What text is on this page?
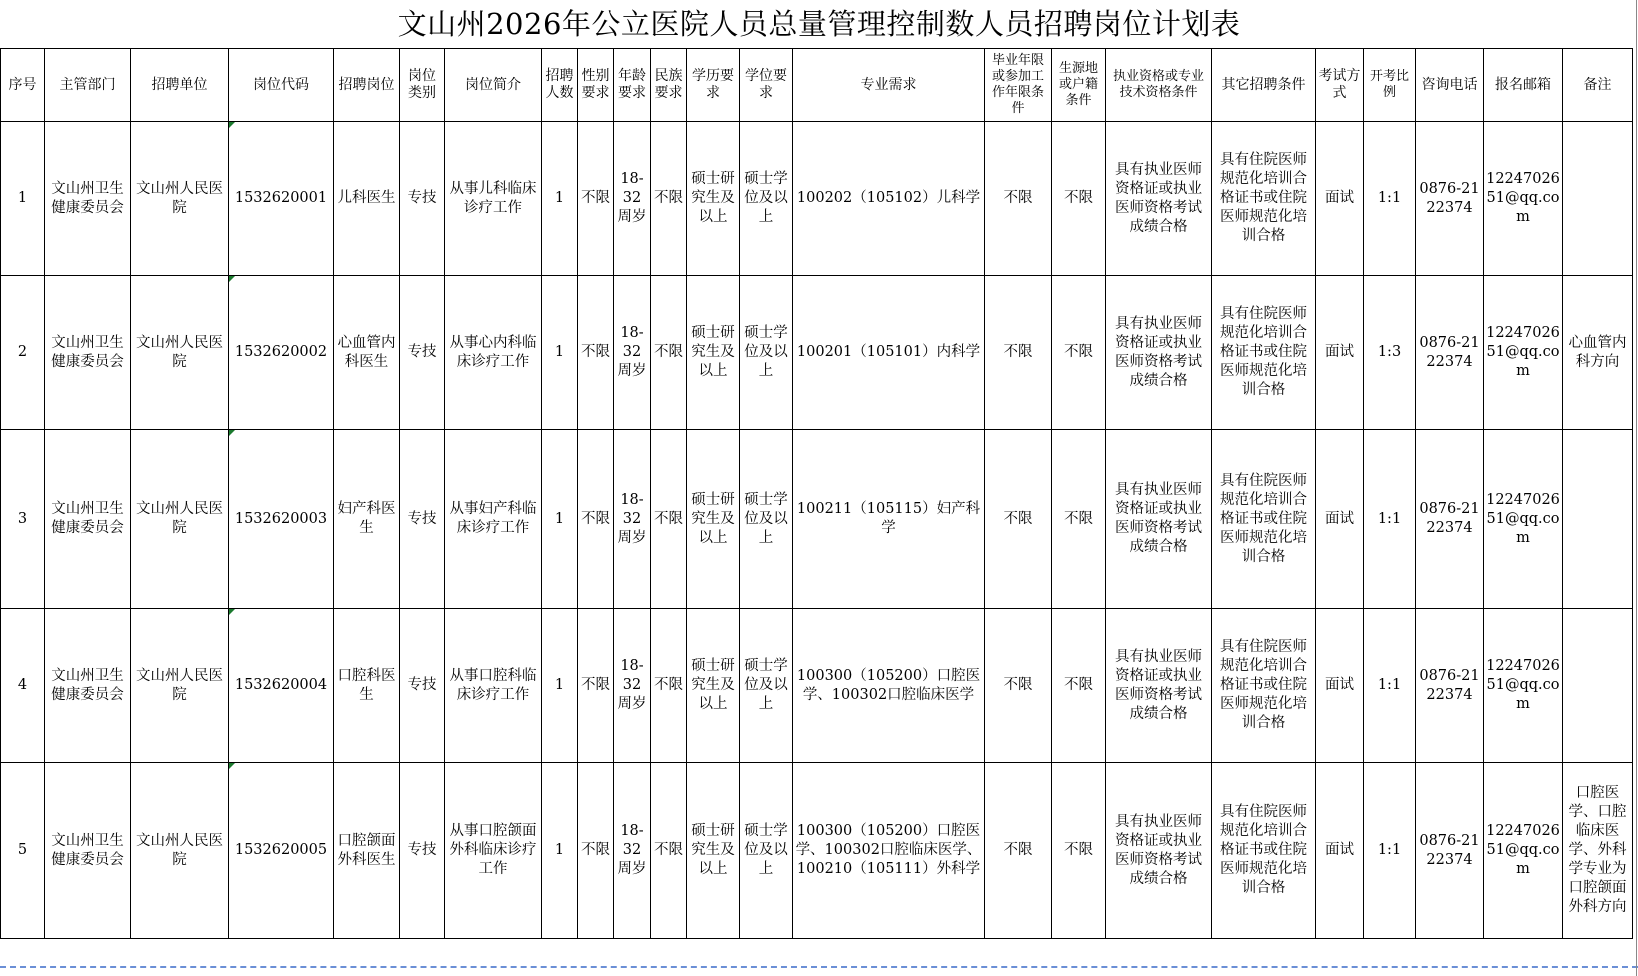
文山州2026年公立医院人员总量管理控制数人员招聘岗位计划表
序号	主管部门	招聘单位	岗位代码	招聘岗位	岗位类别	岗位简介	招聘人数	性别要求	年龄要求	民族要求	学历要求	学位要求	专业需求	毕业年限或参加工作年限条件	生源地或户籍条件	执业资格或专业技术资格条件	其它招聘条件	考试方式	开考比例	咨询电话	报名邮箱	备注
1	文山州卫生健康委员会	文山州人民医院	1532620001	儿科医生	专技	从事儿科临床诊疗工作	1	不限	18-32周岁	不限	硕士研究生及以上	硕士学位及以上	100202（105102）儿科学	不限	不限	具有执业医师资格证或执业医师资格考试成绩合格	具有住院医师规范化培训合格证书或住院医师规范化培训合格	面试	1:1	0876-2122374	1224702651@qq.com	
2	文山州卫生健康委员会	文山州人民医院	1532620002	心血管内科医生	专技	从事心内科临床诊疗工作	1	不限	18-32周岁	不限	硕士研究生及以上	硕士学位及以上	100201（105101）内科学	不限	不限	具有执业医师资格证或执业医师资格考试成绩合格	具有住院医师规范化培训合格证书或住院医师规范化培训合格	面试	1:3	0876-2122374	1224702651@qq.com	心血管内科方向
3	文山州卫生健康委员会	文山州人民医院	1532620003	妇产科医生	专技	从事妇产科临床诊疗工作	1	不限	18-32周岁	不限	硕士研究生及以上	硕士学位及以上	100211（105115）妇产科学	不限	不限	具有执业医师资格证或执业医师资格考试成绩合格	具有住院医师规范化培训合格证书或住院医师规范化培训合格	面试	1:1	0876-2122374	1224702651@qq.com	
4	文山州卫生健康委员会	文山州人民医院	1532620004	口腔科医生	专技	从事口腔科临床诊疗工作	1	不限	18-32周岁	不限	硕士研究生及以上	硕士学位及以上	100300（105200）口腔医学、100302口腔临床医学	不限	不限	具有执业医师资格证或执业医师资格考试成绩合格	具有住院医师规范化培训合格证书或住院医师规范化培训合格	面试	1:1	0876-2122374	1224702651@qq.com	
5	文山州卫生健康委员会	文山州人民医院	1532620005	口腔颌面外科医生	专技	从事口腔颌面外科临床诊疗工作	1	不限	18-32周岁	不限	硕士研究生及以上	硕士学位及以上	100300（105200）口腔医学、100302口腔临床医学、100210（105111）外科学	不限	不限	具有执业医师资格证或执业医师资格考试成绩合格	具有住院医师规范化培训合格证书或住院医师规范化培训合格	面试	1:1	0876-2122374	1224702651@qq.com	口腔医学、口腔临床医学、外科学专业为口腔颌面外科方向
